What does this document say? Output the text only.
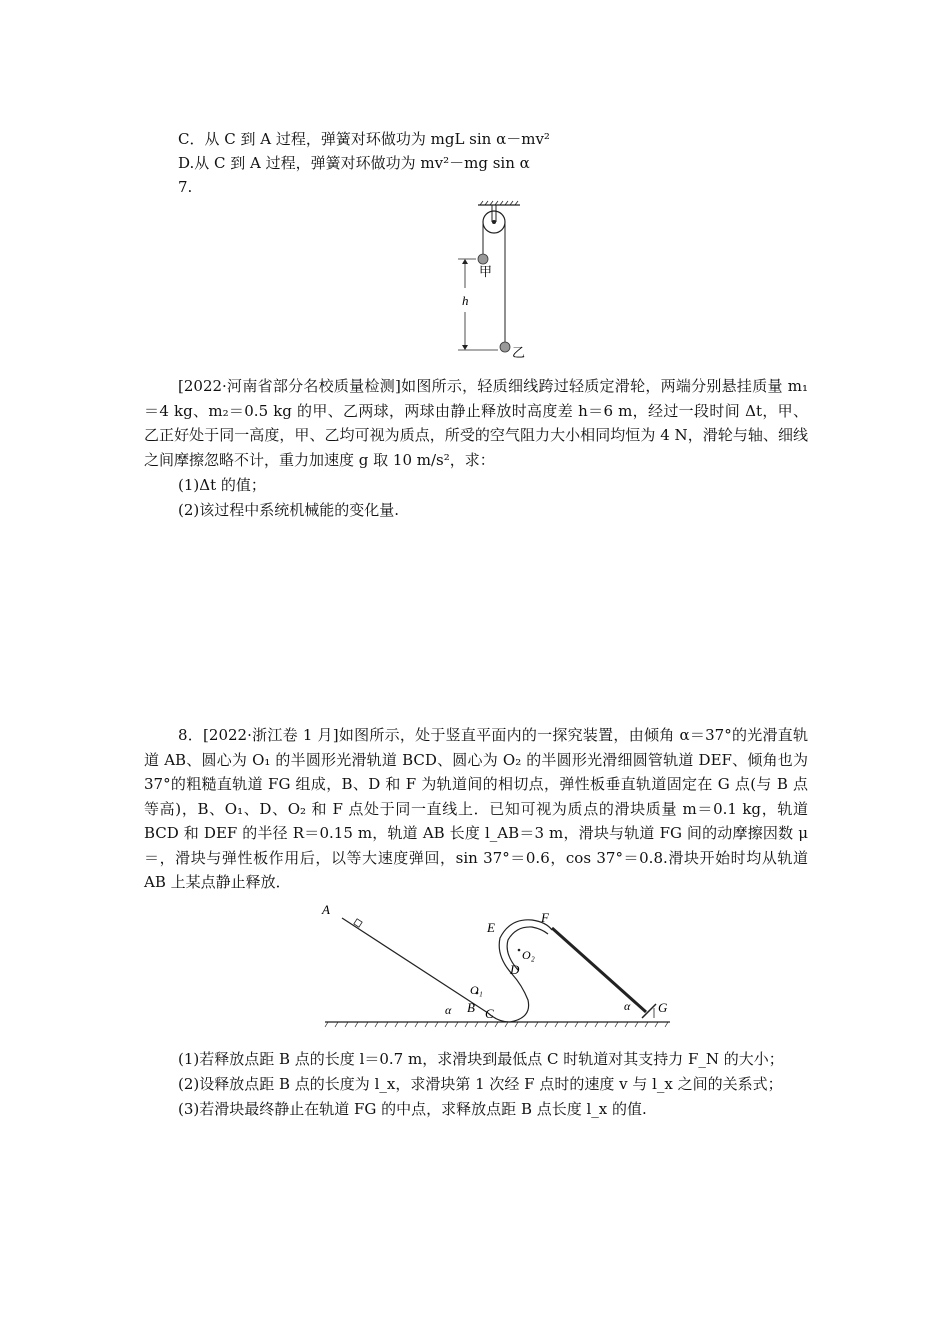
C．从 C 到 A 过程，弹簧对环做功为 mgL sin α－mv²
D.从 C 到 A 过程，弹簧对环做功为 mv²－mg sin α
7.
h
甲
乙
[2022·河南省部分名校质量检测]如图所示，轻质细线跨过轻质定滑轮，两端分别悬挂质量 m₁＝4 kg、m₂＝0.5 kg 的甲、乙两球，两球由静止释放时高度差 h＝6 m，经过一段时间 Δt，甲、乙正好处于同一高度，甲、乙均可视为质点，所受的空气阻力大小相同均恒为 4 N，滑轮与轴、细线之间摩擦忽略不计，重力加速度 g 取 10 m/s²，求：
(1)Δt 的值；
(2)该过程中系统机械能的变化量.
8．[2022·浙江卷 1 月]如图所示，处于竖直平面内的一探究装置，由倾角 α＝37°的光滑直轨道 AB、圆心为 O₁ 的半圆形光滑轨道 BCD、圆心为 O₂ 的半圆形光滑细圆管轨道 DEF、倾角也为 37°的粗糙直轨道 FG 组成，B、D 和 F 为轨道间的相切点，弹性板垂直轨道固定在 G 点(与 B 点等高)，B、O₁、D、O₂ 和 F 点处于同一直线上．已知可视为质点的滑块质量 m＝0.1 kg，轨道 BCD 和 DEF 的半径 R＝0.15 m，轨道 AB 长度 l_AB＝3 m，滑块与轨道 FG 间的动摩擦因数 μ＝，滑块与弹性板作用后，以等大速度弹回，sin 37°＝0.6，cos 37°＝0.8.滑块开始时均从轨道 AB 上某点静止释放．
A
B C
D
E
F
G
O₁
O₂
α	α
(1)若释放点距 B 点的长度 l＝0.7 m，求滑块到最低点 C 时轨道对其支持力 F_N 的大小；
(2)设释放点距 B 点的长度为 l_x，求滑块第 1 次经 F 点时的速度 v 与 l_x 之间的关系式；
(3)若滑块最终静止在轨道 FG 的中点，求释放点距 B 点长度 l_x 的值.
